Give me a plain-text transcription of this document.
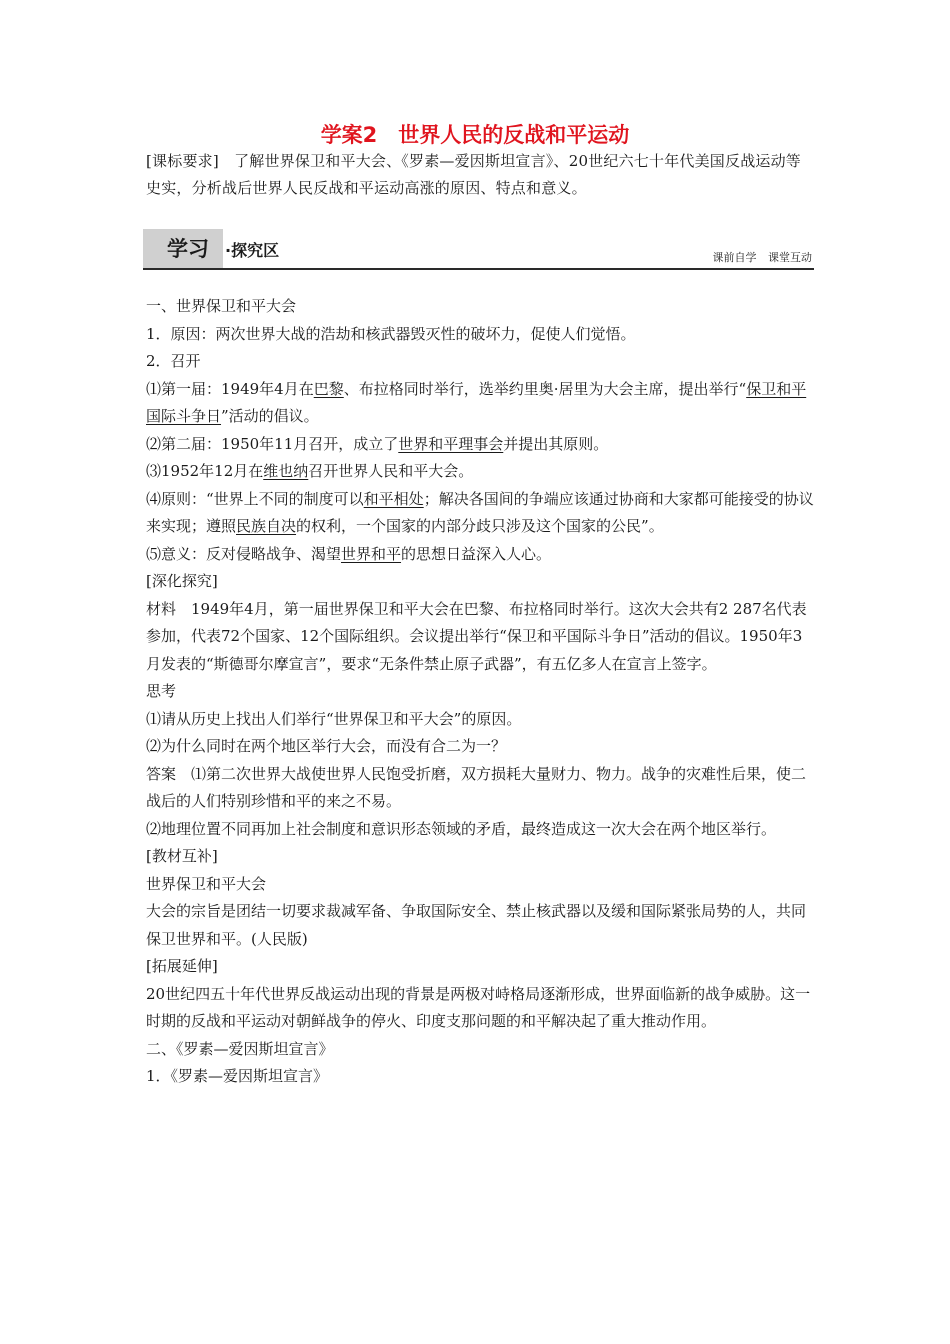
学案2　世界人民的反战和平运动
[课标要求]　了解世界保卫和平大会、《罗素—爱因斯坦宣言》、20世纪六七十年代美国反战运动等史实，分析战后世界人民反战和平运动高涨的原因、特点和意义。
学习 ·探究区	课前自学 课堂互动

一、世界保卫和平大会

1．原因：两次世界大战的浩劫和核武器毁灭性的破坏力，促使人们觉悟。

2．召开

⑴第一届：1949年4月在巴黎、布拉格同时举行，选举约里奥·居里为大会主席，提出举行“保卫和平国际斗争日”活动的倡议。

⑵第二届：1950年11月召开，成立了世界和平理事会并提出其原则。

⑶1952年12月在维也纳召开世界人民和平大会。

⑷原则：“世界上不同的制度可以和平相处；解决各国间的争端应该通过协商和大家都可能接受的协议来实现；遵照民族自决的权利，一个国家的内部分歧只涉及这个国家的公民”。

⑸意义：反对侵略战争、渴望世界和平的思想日益深入人心。

[深化探究]

材料　1949年4月，第一届世界保卫和平大会在巴黎、布拉格同时举行。这次大会共有2 287名代表参加，代表72个国家、12个国际组织。会议提出举行“保卫和平国际斗争日”活动的倡议。1950年3月发表的“斯德哥尔摩宣言”，要求“无条件禁止原子武器”，有五亿多人在宣言上签字。

思考

⑴请从历史上找出人们举行“世界保卫和平大会”的原因。

⑵为什么同时在两个地区举行大会，而没有合二为一？

答案　⑴第二次世界大战使世界人民饱受折磨，双方损耗大量财力、物力。战争的灾难性后果，使二战后的人们特别珍惜和平的来之不易。

⑵地理位置不同再加上社会制度和意识形态领域的矛盾，最终造成这一次大会在两个地区举行。

[教材互补]

世界保卫和平大会

大会的宗旨是团结一切要求裁减军备、争取国际安全、禁止核武器以及缓和国际紧张局势的人，共同保卫世界和平。(人民版)

[拓展延伸]

20世纪四五十年代世界反战运动出现的背景是两极对峙格局逐渐形成，世界面临新的战争威胁。这一时期的反战和平运动对朝鲜战争的停火、印度支那问题的和平解决起了重大推动作用。

二、《罗素—爱因斯坦宣言》

1．《罗素—爱因斯坦宣言》
